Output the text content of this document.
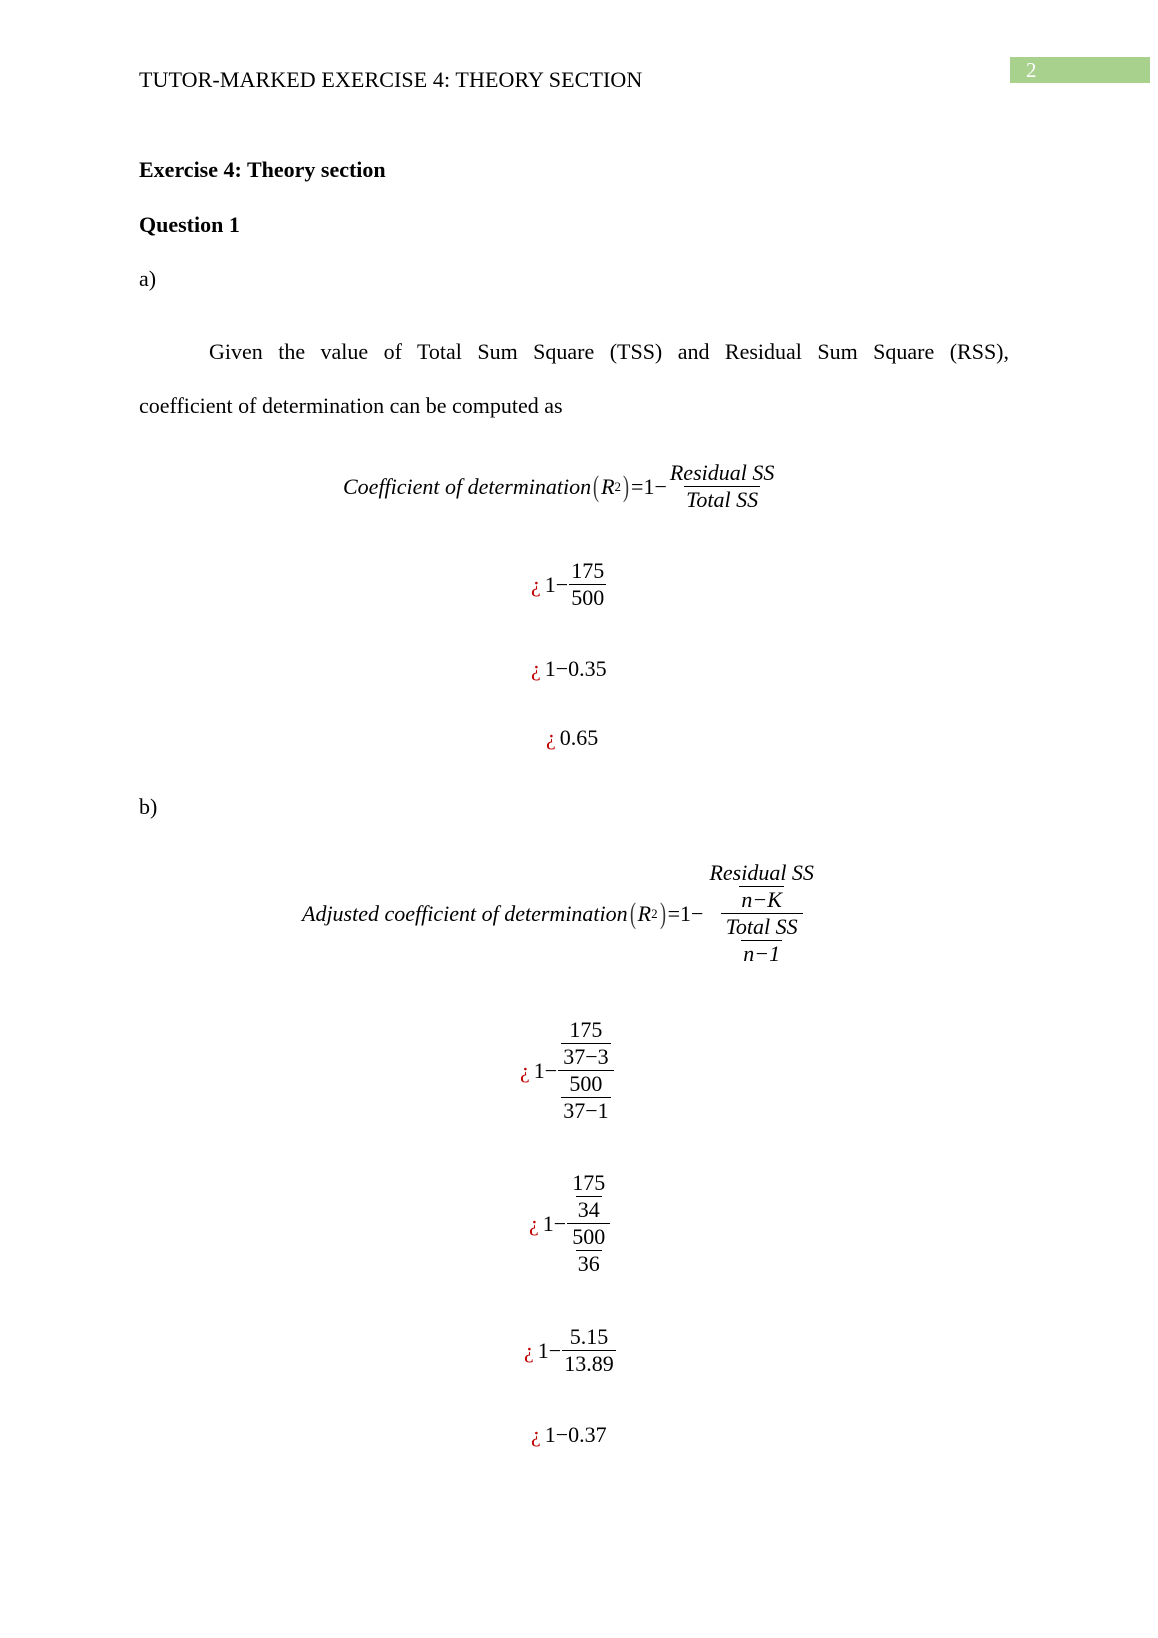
2
TUTOR-MARKED EXERCISE 4: THEORY SECTION
Exercise 4: Theory section
Question 1
a)
Given the value of Total Sum Square (TSS) and Residual Sum Square (RSS),
coefficient of determination can be computed as
Coefficient of determination ( R 2 ) $=1- \frac{\text{Residual SS}}{\text{Total SS}}$
¿ $1- \frac{175}{500}$
¿ 1−0.35
¿ 0.65
b)
Adjusted coefficient of determination ( R 2 ) $=1- \frac{\frac{\text{Residual SS}}{n-K}}{\frac{\text{Total SS}}{n-1}}$
¿ $1- \frac{\frac{175}{37-3}}{\frac{500}{37-1}}$
¿ $1- \frac{\frac{175}{34}}{\frac{500}{36}}$
¿ $1- \frac{5.15}{13.89}$
¿ 1−0.37
